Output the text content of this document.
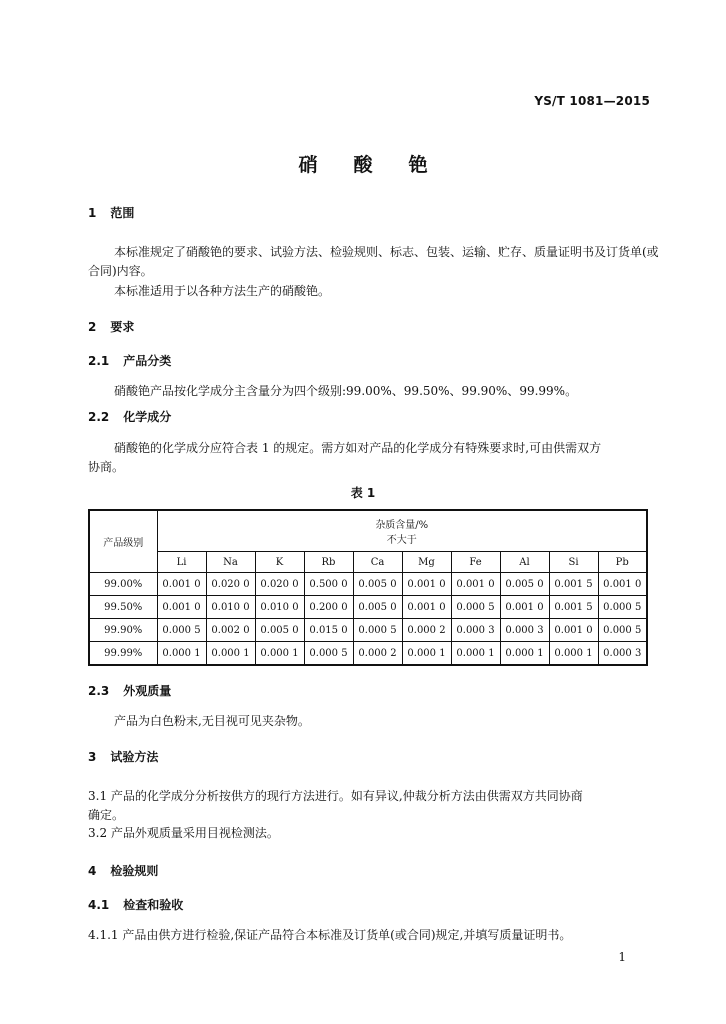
YS/T 1081—2015
硝酸铯
1 范围
本标准规定了硝酸铯的要求、试验方法、检验规则、标志、包装、运输、贮存、质量证明书及订货单(或
合同)内容。
本标准适用于以各种方法生产的硝酸铯。
2 要求
2.1 产品分类
硝酸铯产品按化学成分主含量分为四个级别:99.00%、99.50%、99.90%、99.99%。
2.2 化学成分
硝酸铯的化学成分应符合表 1 的规定。需方如对产品的化学成分有特殊要求时,可由供需双方
协商。
表 1
产品级别	杂质含量/%
不大于									

	Li	Na	K	Rb	Ca	Mg	Fe	Al	Si	Pb
99.00%	0.001 0	0.020 0	0.020 0	0.500 0	0.005 0	0.001 0	0.001 0	0.005 0	0.001 5	0.001 0
99.50%	0.001 0	0.010 0	0.010 0	0.200 0	0.005 0	0.001 0	0.000 5	0.001 0	0.001 5	0.000 5
99.90%	0.000 5	0.002 0	0.005 0	0.015 0	0.000 5	0.000 2	0.000 3	0.000 3	0.001 0	0.000 5
99.99%	0.000 1	0.000 1	0.000 1	0.000 5	0.000 2	0.000 1	0.000 1	0.000 1	0.000 1	0.000 3
2.3 外观质量
产品为白色粉末,无目视可见夹杂物。
3 试验方法
3.1 产品的化学成分分析按供方的现行方法进行。如有异议,仲裁分析方法由供需双方共同协商
确定。
3.2 产品外观质量采用目视检测法。
4 检验规则
4.1 检查和验收
4.1.1 产品由供方进行检验,保证产品符合本标准及订货单(或合同)规定,并填写质量证明书。
1
